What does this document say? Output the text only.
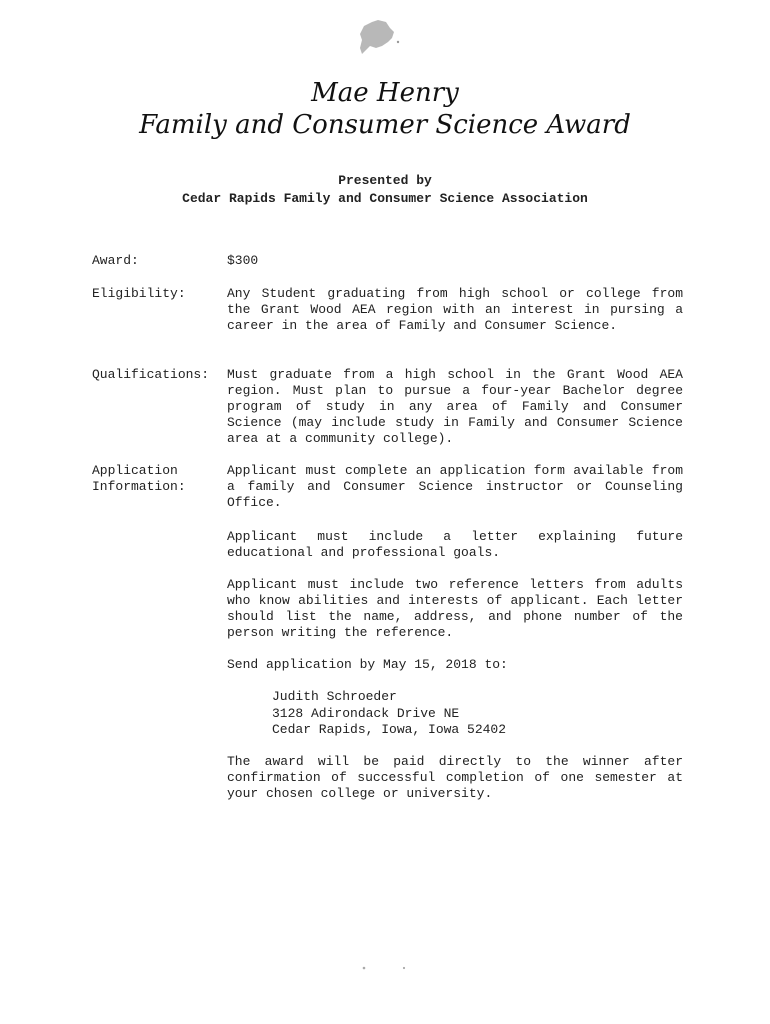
Mae Henry
Family and Consumer Science Award
Presented by
Cedar Rapids Family and Consumer Science Association
Award:	$300
Eligibility:	Any Student graduating from high school or college from the Grant Wood AEA region with an interest in pursing a career in the area of Family and Consumer Science.
Qualifications:	Must graduate from a high school in the Grant Wood AEA region. Must plan to pursue a four-year Bachelor degree program of study in any area of Family and Consumer Science (may include study in Family and Consumer Science area at a community college).
Application
Information:
Applicant must complete an application form available from a family and Consumer Science instructor or Counseling Office.
Applicant must include a letter explaining future educational and professional goals.
Applicant must include two reference letters from adults who know abilities and interests of applicant. Each letter should list the name, address, and phone number of the person writing the reference.
Send application by May 15, 2018 to:
Judith Schroeder
3128 Adirondack Drive NE
Cedar Rapids, Iowa, Iowa 52402
The award will be paid directly to the winner after confirmation of successful completion of one semester at your chosen college or university.
